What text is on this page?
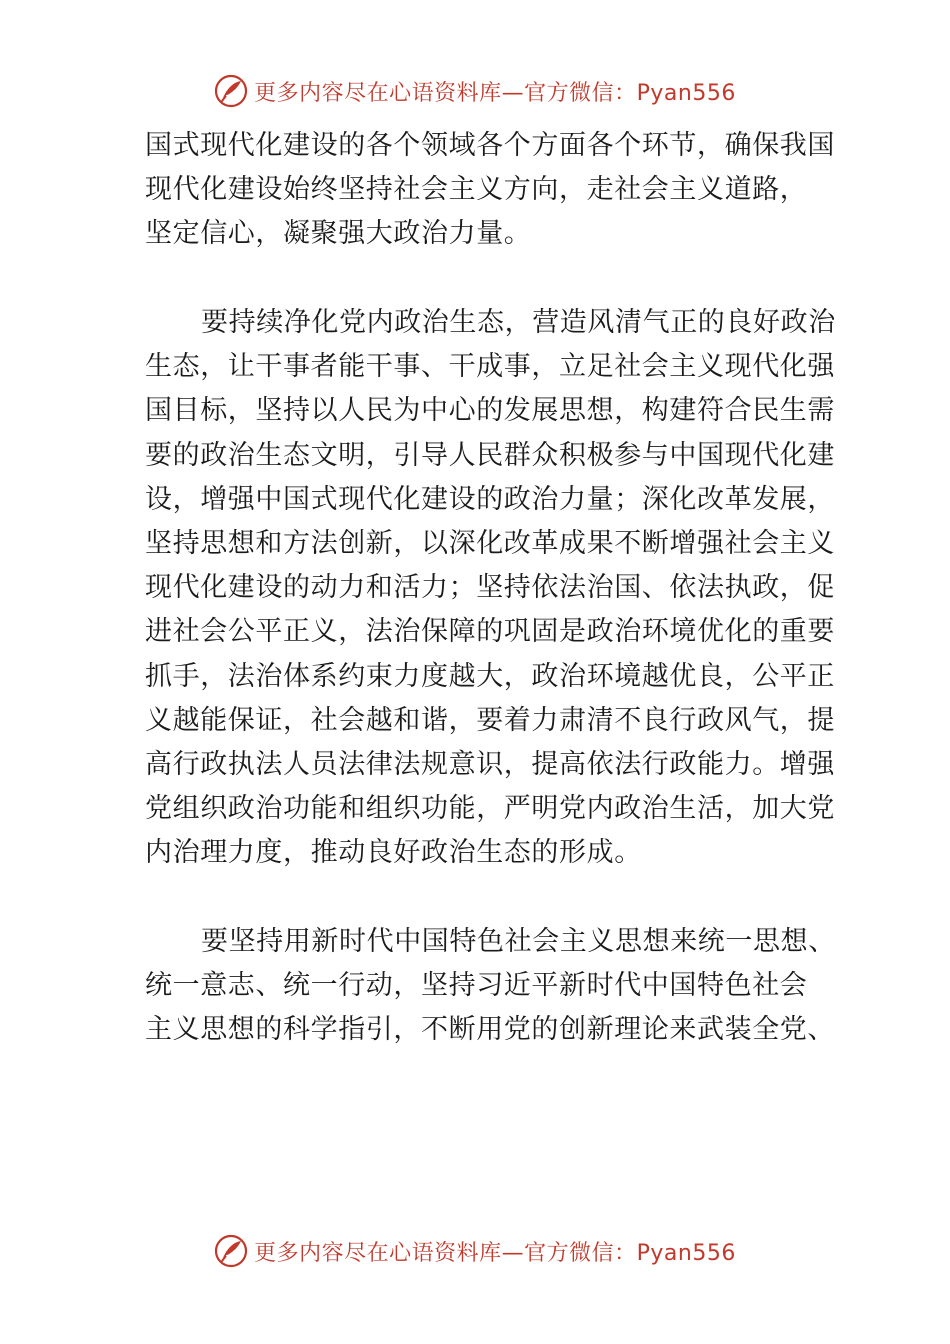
更多内容尽在心语资料库—官方微信：Pyan556
国式现代化建设的各个领域各个方面各个环节，确保我国
现代化建设始终坚持社会主义方向，走社会主义道路，
坚定信心，凝聚强大政治力量。
要持续净化党内政治生态，营造风清气正的良好政治
生态，让干事者能干事、干成事，立足社会主义现代化强
国目标，坚持以人民为中心的发展思想，构建符合民生需
要的政治生态文明，引导人民群众积极参与中国现代化建
设，增强中国式现代化建设的政治力量；深化改革发展，
坚持思想和方法创新，以深化改革成果不断增强社会主义
现代化建设的动力和活力；坚持依法治国、依法执政，促
进社会公平正义，法治保障的巩固是政治环境优化的重要
抓手，法治体系约束力度越大，政治环境越优良，公平正
义越能保证，社会越和谐，要着力肃清不良行政风气，提
高行政执法人员法律法规意识，提高依法行政能力。增强
党组织政治功能和组织功能，严明党内政治生活，加大党
内治理力度，推动良好政治生态的形成。
要坚持用新时代中国特色社会主义思想来统一思想、
统一意志、统一行动，坚持习近平新时代中国特色社会
主义思想的科学指引，不断用党的创新理论来武装全党、
更多内容尽在心语资料库—官方微信：Pyan556
